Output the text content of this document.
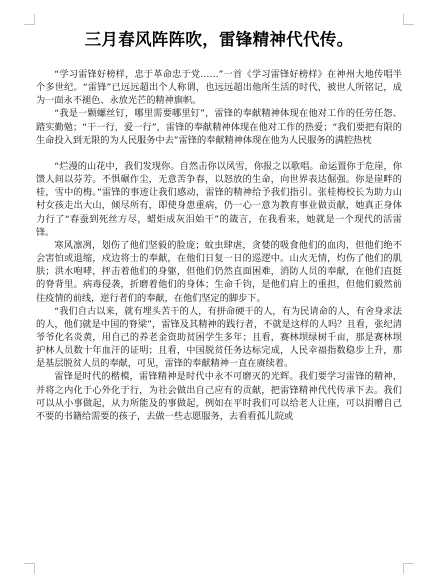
三月春风阵阵吹，雷锋精神代代传。

“学习雷锋好榜样，忠于革命忠于党……”一首《学习雷锋好榜样》在神州大地传唱半个多世纪。“雷锋”已远远超出个人称谓，也远远超出他所生活的时代，被世人所铭记，成为一面永不褪色、永放光芒的精神旗帜。

“我是一颗螺丝钉，哪里需要哪里钉”，雷锋的奉献精神体现在他对工作的任劳任怨、踏实勤勉；“干一行，爱一行”，雷锋的奉献精神体现在他对工作的热爱；“我们要把有限的生命投入到无限的为人民服务中去”雷锋的奉献精神体现在他为人民服务的满腔热枕

“烂漫的山花中，我们发现你。自然击你以风雪，你报之以歌唱。命运置你于危崖，你馈人间以芬芳。不惧碾作尘，无意苦争春，以怒放的生命，向世界表达倔强。你是崖畔的桂，雪中的梅。”雷锋的事迹让我们感动，雷锋的精神给予我们指引。张桂梅校长为助力山村女孩走出大山，倾尽所有，即使身患重病，仍一心一意为教育事业做贡献，她真正身体力行了“春蚕到死丝方尽，蜡炬成灰泪始干”的箴言，在我看来，她就是一个现代的活雷锋。

寒风凛冽，划伤了他们坚毅的脸庞；蚊虫肆虐，贪婪的吸食他们的血肉，但他们绝不会害怕或退缩，戍边将士的奉献，在他们日复一日的巡逻中。山火无情，灼伤了他们的肌肤；洪水咆哮，抨击着他们的身躯，但他们仍然直面困难，消防人员的奉献，在他们直挺的脊背里。病毒侵袭，折磨着他们的身体；生命千钧，是他们肩上的重担，但他们毅然前往疫情的前线，逆行者们的奉献，在他们坚定的脚步下。

“我们自古以来，就有埋头苦干的人，有拼命硬干的人，有为民请命的人，有舍身求法的人，他们就是中国的脊梁”，雷锋及其精神的践行者，不就是这样的人吗？且看，张纪清爷爷化名炎黄，用自己的养老金资助贫困学生多年；且看，赛林坝绿树千亩，那是赛林坝护林人员数十年血汗的证明；且看，中国脱贫任务达标完成，人民幸福指数稳步上升，那是基层脱贫人员的奉献，可见，雷锋的奉献精神一直在赓续着。

雷锋是时代的楷模，雷锋精神是时代中永不可磨灭的光辉。我们要学习雷锋的精神，并将之内化于心外化于行，为社会做出自己应有的贡献，把雷锋精神代代传承下去。我们可以从小事做起，从力所能及的事做起，例如在平时我们可以给老人让座，可以捐赠自己不要的书籍给需要的孩子，去做一些志愿服务，去看看孤儿院或
